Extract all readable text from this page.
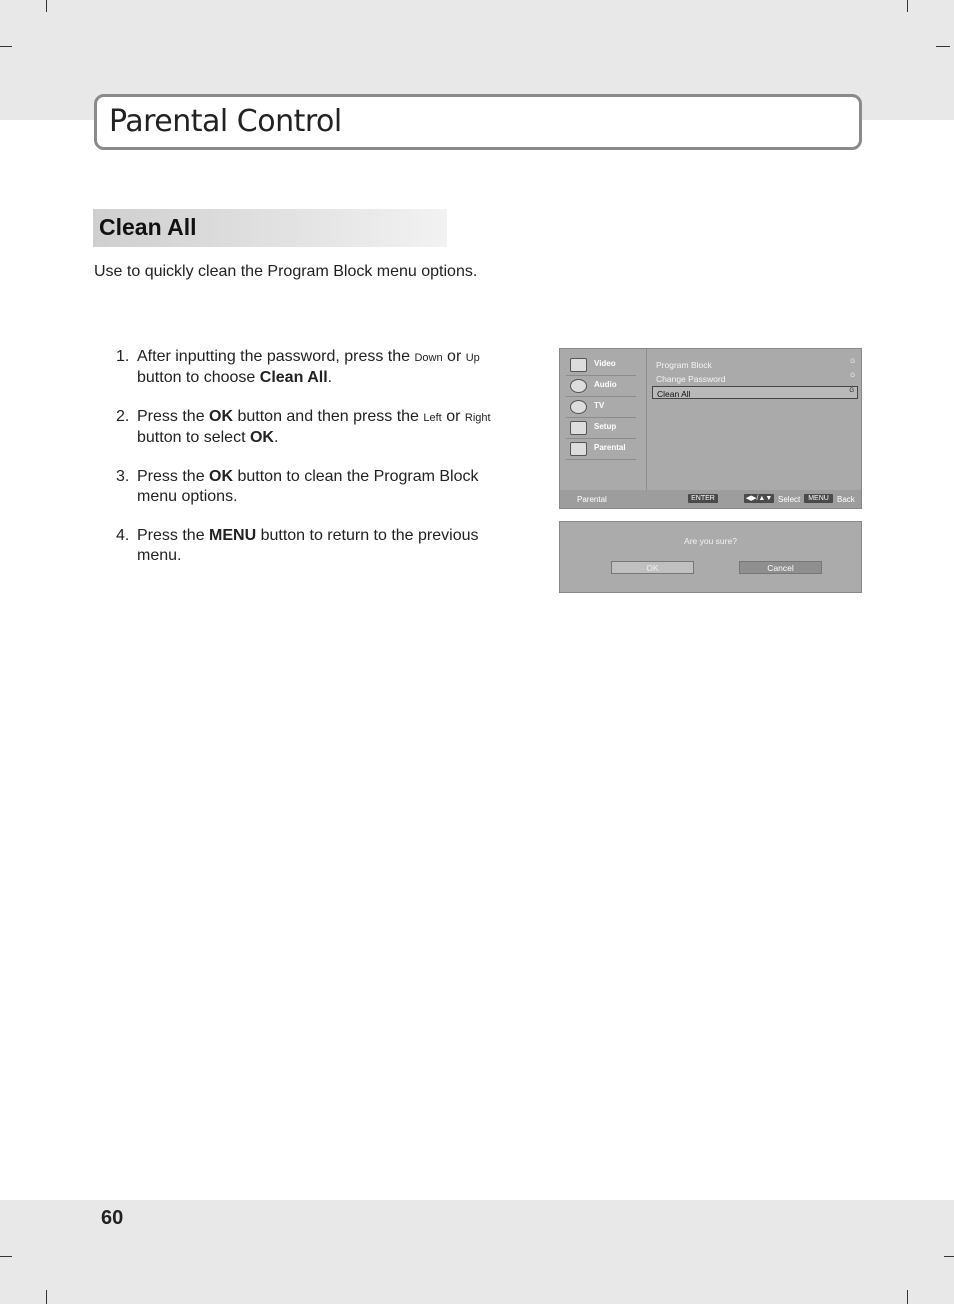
Parental Control
Clean All
Use to quickly clean the Program Block menu options.
1. After inputting the password, press the Down or Up button to choose Clean All.
2. Press the OK button and then press the Left or Right button to select OK.
3. Press the OK button to clean the Program Block menu options.
4. Press the MENU button to return to the previous menu.
Video
Audio
TV
Setup
Parental
Program Block	G
Change Password	G
Clean All	G
Parental	ENTER	◀▶/▲▼ Select	MENU	Back
Are you sure?
OK	Cancel
60
